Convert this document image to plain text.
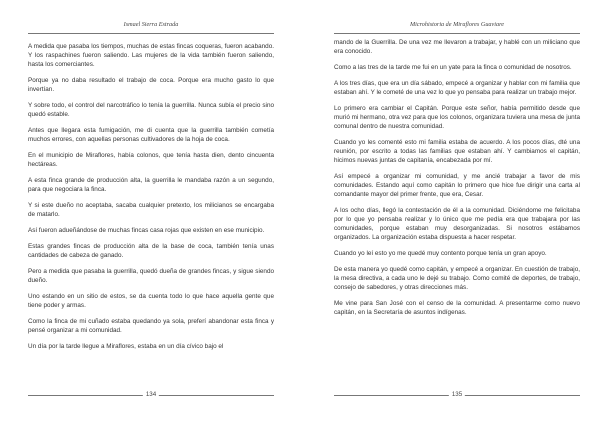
Ismael Sierra Estrada

A medida que pasaba los tiempos, muchas de estas fincas coqueras, fueron acabando. Y los raspachines fueron saliendo. Las mujeres de la vida también fueron saliendo, hasta los comerciantes.

Porque ya no daba resultado el trabajo de coca. Porque era mucho gasto lo que invertían.

Y sobre todo, el control del narcotráfico lo tenía la guerrilla. Nunca subía el precio sino quedó estable.

Antes que llegara esta fumigación, me di cuenta que la guerrilla también cometía muchos errores, con aquellas personas cultivadores de la hoja de coca.

En el municipio de Miraflores, había colonos, que tenía hasta dien, dento cincuenta hectáreas.

A esta finca grande de producción alta, la guerrilla le mandaba razón a un segundo, para que negociara la finca.

Y si este dueño no aceptaba, sacaba cualquier pretexto, los milicianos se encargaba de matarlo.

Así fueron adueñándose de muchas fincas casa rojas que existen en ese municipio.

Estas grandes fincas de producción alta de la base de coca, también tenía unas cantidades de cabeza de ganado.

Pero a medida que pasaba la guerrilla, quedó dueña de grandes fincas, y sigue siendo dueño.

Uno estando en un sitio de estos, se da cuenta todo lo que hace aquella gente que tiene poder y armas.

Como la finca de mi cuñado estaba quedando ya sola, preferí abandonar esta finca y pensé organizar a mi comunidad.

Un día por la tarde llegue a Miraflores, estaba en un día cívico bajo el

134
Microhistoria de Miraflores Guaviare

mando de la Guerrilla. De una vez me llevaron a trabajar, y hablé con un miliciano que era conocido.

Como a las tres de la tarde me fui en un yate para la finca o comunidad de nosotros.

A los tres días, que era un día sábado, empecé a organizar y hablar con mi familia que estaban ahí. Y le cometé de una vez lo que yo pensaba para realizar un trabajo mejor.

Lo primero era cambiar el Capitán. Porque este señor, había permitido desde que murió mi hermano, otra vez para que los colonos, organizara tuviera una mesa de junta comunal dentro de nuestra comunidad.

Cuando yo les comenté esto mi familia estaba de acuerdo. A los pocos días, dté una reunión, por escrito a todas las familias que estaban ahí. Y cambiamos el capitán, hicimos nuevas juntas de capitanía, encabezada por mí.

Así empecé a organizar mi comunidad, y me ancié trabajar a favor de mis comunidades. Estando aquí como capitán lo primero que hice fue dirigir una carta al comandante mayor del primer frente, que era, Cesar.

A los ocho días, llegó la contestación de él a la comunidad. Diciéndome me felicitaba por lo que yo pensaba realizar y lo único que me pedía era que trabajara por las comunidades, porque estaban muy desorganizadas. Si nosotros estábamos organizados. La organización estaba dispuesta a hacer respetar.

Cuando yo leí esto yo me quedé muy contento porque tenía un gran apoyo.

De esta manera yo quedé como capitán, y empecé a organizar. En cuestión de trabajo, la mesa directiva, a cada uno le dejé su trabajo. Como comité de deportes, de trabajo, consejo de sabedores, y otras direcciones más.

Me vine para San José con el censo de la comunidad. A presentarme como nuevo capitán, en la Secretaría de asuntos indígenas.

135
